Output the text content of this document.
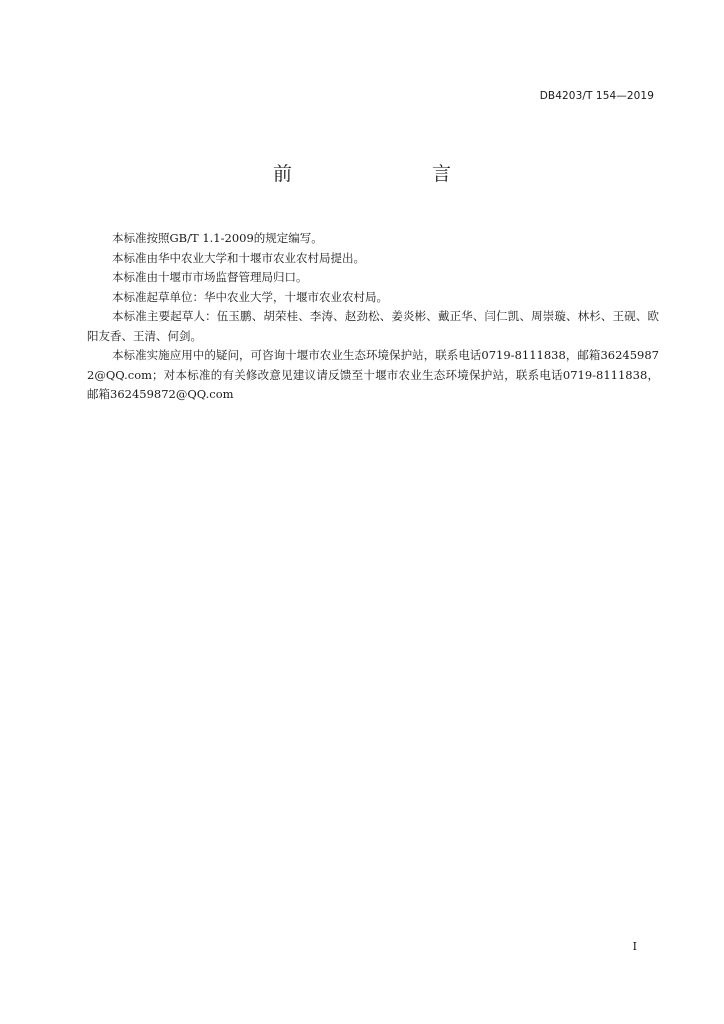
DB4203/T 154—2019
前　　言

本标准按照GB/T 1.1-2009的规定编写。

本标准由华中农业大学和十堰市农业农村局提出。

本标准由十堰市市场监督管理局归口。

本标准起草单位：华中农业大学，十堰市农业农村局。

本标准主要起草人：伍玉鹏、胡荣桂、李涛、赵劲松、姜炎彬、戴正华、闫仁凯、周崇璇、林杉、王砚、欧阳友香、王清、何剑。

本标准实施应用中的疑问，可咨询十堰市农业生态环境保护站，联系电话0719-8111838，邮箱362459872@QQ.com；对本标准的有关修改意见建议请反馈至十堰市农业生态环境保护站，联系电话0719-8111838，邮箱362459872@QQ.com

I
